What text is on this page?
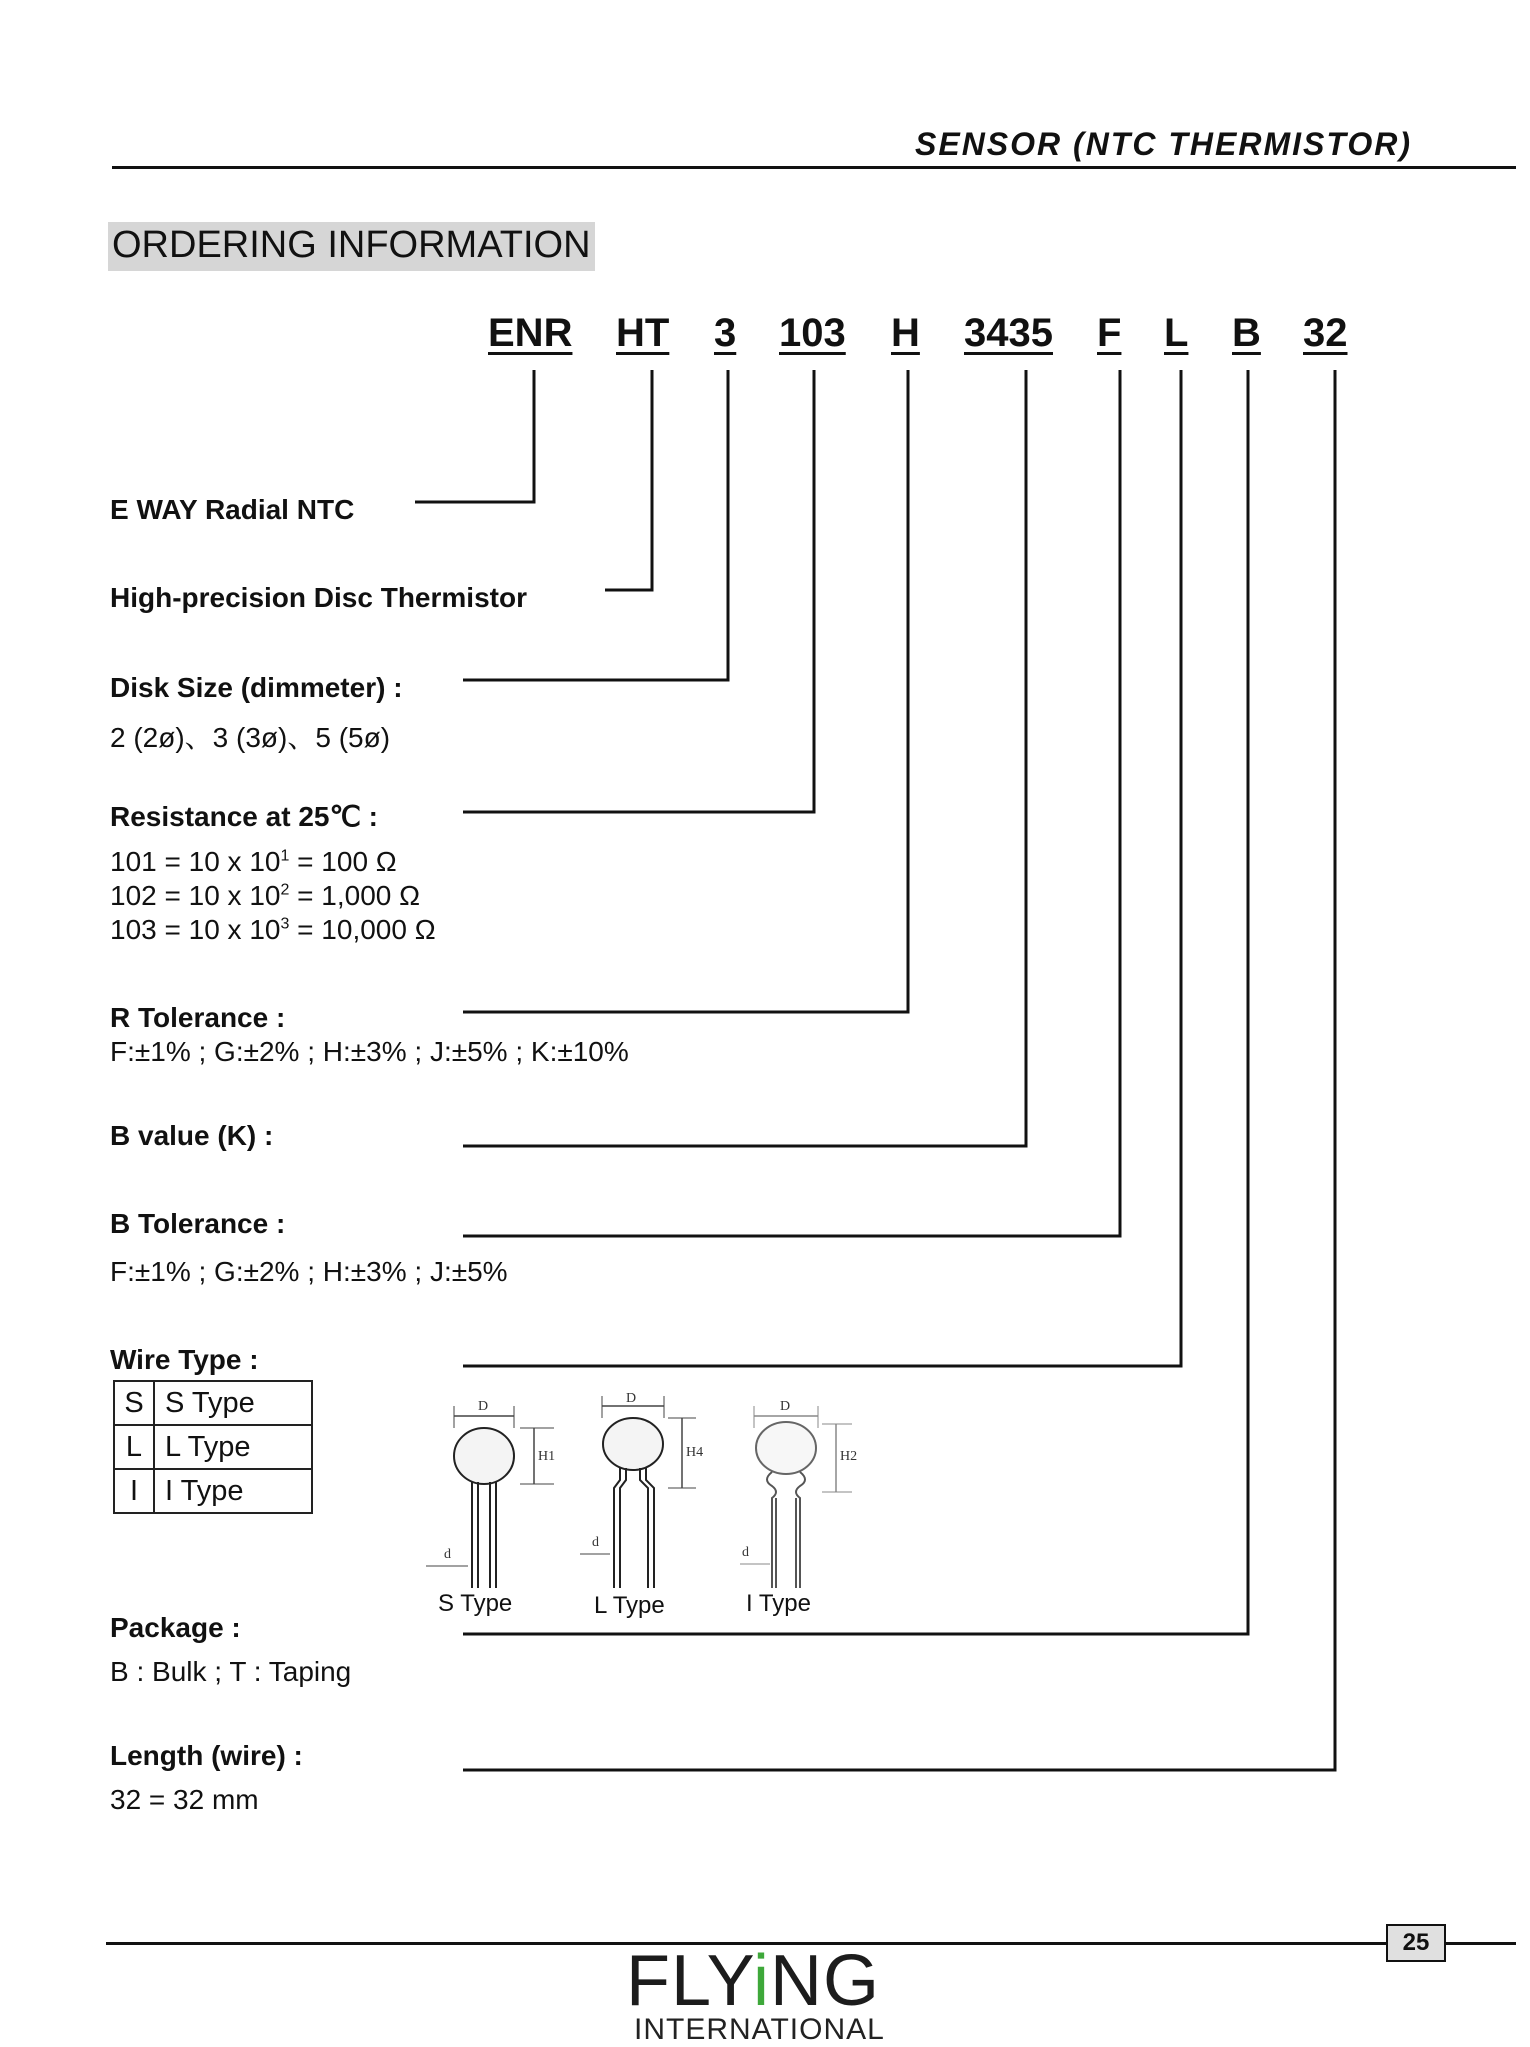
SENSOR (NTC THERMISTOR)
ORDERING INFORMATION
ENR HT 3 103 H 3435 F L B 32
E WAY Radial NTC
High-precision Disc Thermistor
Disk Size (dimmeter) :
2 (2ø)、3 (3ø)、5 (5ø)
Resistance at 25℃ :
101 = 10 x $10^1 = 100$ Ω
102 = 10 x $10^2 = 1,000$ Ω
103 = 10 x $10^3 = 10,000$ Ω
R Tolerance :
F:±1% ; G:±2% ; H:±3% ; J:±5% ; K:±10%
B value (K) :
B Tolerance :
F:±1% ; G:±2% ; H:±3% ; J:±5%
Wire Type :
S	S Type
L	L Type
I	I Type
D
H1
d
D
H4
d
D
H2
d
S Type	L Type	I Type
Package :
B : Bulk ; T : Taping
Length (wire) :
32 = 32 mm
25
FLYiNG
INTERNATIONAL
